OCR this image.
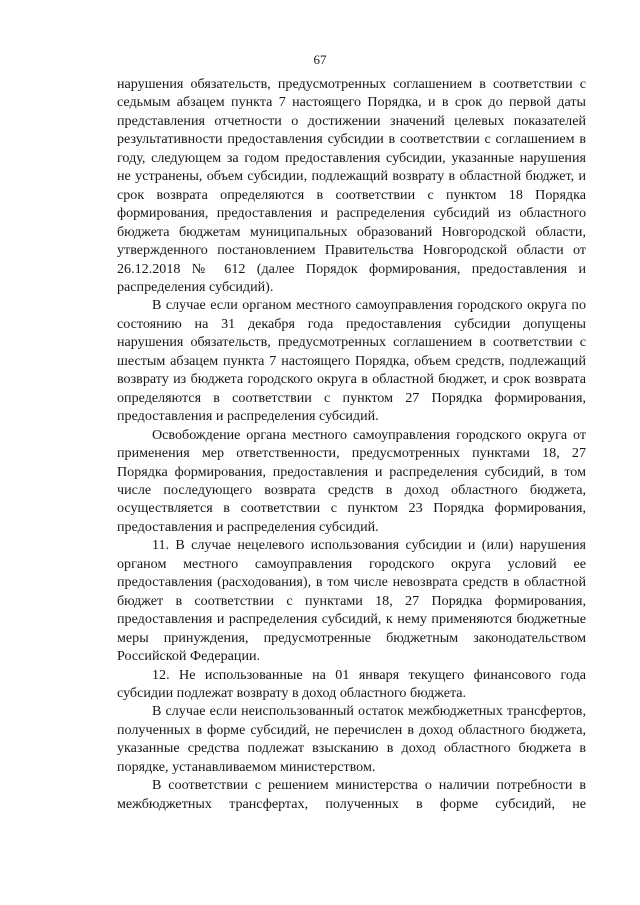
67

нарушения обязательств, предусмотренных соглашением в соответствии с седьмым абзацем пункта 7 настоящего Порядка, и в срок до первой даты представления отчетности о достижении значений целевых показателей результативности предоставления субсидии в соответствии с соглашением в году, следующем за годом предоставления субсидии, указанные нарушения не устранены, объем субсидии, подлежащий возврату в областной бюджет, и срок возврата определяются в соответствии с пунктом 18 Порядка формирования, предоставления и распределения субсидий из областного бюджета бюджетам муниципальных образований Новгородской области, утвержденного постановлением Правительства Новгородской области от 26.12.2018 № 612 (далее Порядок формирования, предоставления и распределения субсидий).

В случае если органом местного самоуправления городского округа по состоянию на 31 декабря года предоставления субсидии допущены нарушения обязательств, предусмотренных соглашением в соответствии с шестым абзацем пункта 7 настоящего Порядка, объем средств, подлежащий возврату из бюджета городского округа в областной бюджет, и срок возврата определяются в соответствии с пунктом 27 Порядка формирования, предоставления и распределения субсидий.

Освобождение органа местного самоуправления городского округа от применения мер ответственности, предусмотренных пунктами 18, 27 Порядка формирования, предоставления и распределения субсидий, в том числе последующего возврата средств в доход областного бюджета, осуществляется в соответствии с пунктом 23 Порядка формирования, предоставления и распределения субсидий.

11. В случае нецелевого использования субсидии и (или) нарушения органом местного самоуправления городского округа условий ее предоставления (расходования), в том числе невозврата средств в областной бюджет в соответствии с пунктами 18, 27 Порядка формирования, предоставления и распределения субсидий, к нему применяются бюджетные меры принуждения, предусмотренные бюджетным законодательством Российской Федерации.

12. Не использованные на 01 января текущего финансового года субсидии подлежат возврату в доход областного бюджета.

В случае если неиспользованный остаток межбюджетных трансфертов, полученных в форме субсидий, не перечислен в доход областного бюджета, указанные средства подлежат взысканию в доход областного бюджета в порядке, устанавливаемом министерством.

В соответствии с решением министерства о наличии потребности в межбюджетных трансфертах, полученных в форме субсидий, не
